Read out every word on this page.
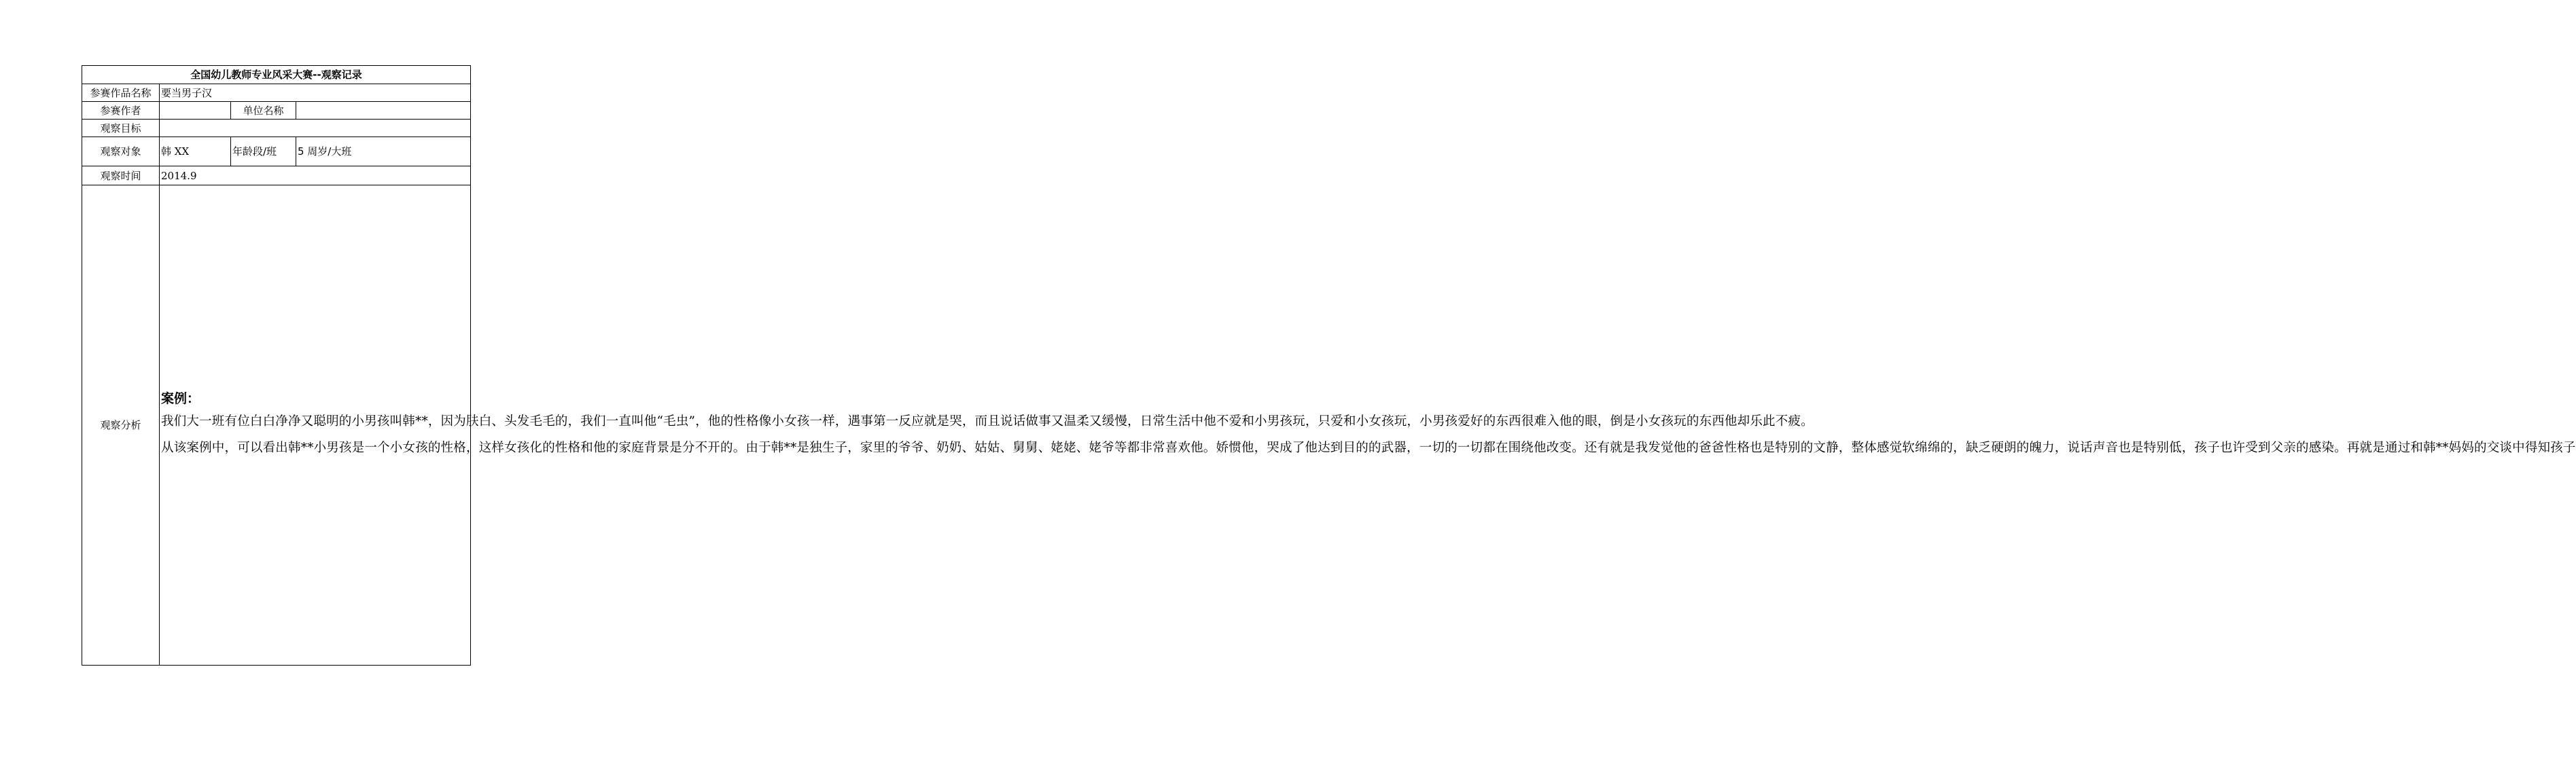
全国幼儿教师专业风采大赛--观察记录			
参赛作品名称	要当男子汉		
参赛作者		单位名称	
观察目标			
观察对象	韩 XX	年龄段/班	5 周岁/大班
观察时间	2014.9		
观察分析	案例：

我们大一班有位白白净净又聪明的小男孩叫韩**，因为肤白、头发毛毛的，我们一直叫他“毛虫”，他的性格像小女孩一样，遇事第一反应就是哭，而且说话做事又温柔又缓慢，日常生活中他不爱和小男孩玩，只爱和小女孩玩，小男孩爱好的东西很难入他的眼，倒是小女孩玩的东西他却乐此不疲。

从该案例中，可以看出韩**小男孩是一个小女孩的性格，这样女孩化的性格和他的家庭背景是分不开的。由于韩**是独生子，家里的爷爷、奶奶、姑姑、舅舅、姥姥、姥爷等都非常喜欢他。娇惯他，哭成了他达到目的的武器，一切的一切都在围绕他改变。还有就是我发觉他的爸爸性格也是特别的文静，整体感觉软绵绵的，缺乏硬朗的魄力，说话声音也是特别低，孩子也许受到父亲的感染。再就是通过和韩**妈妈的交谈中得知孩子		
